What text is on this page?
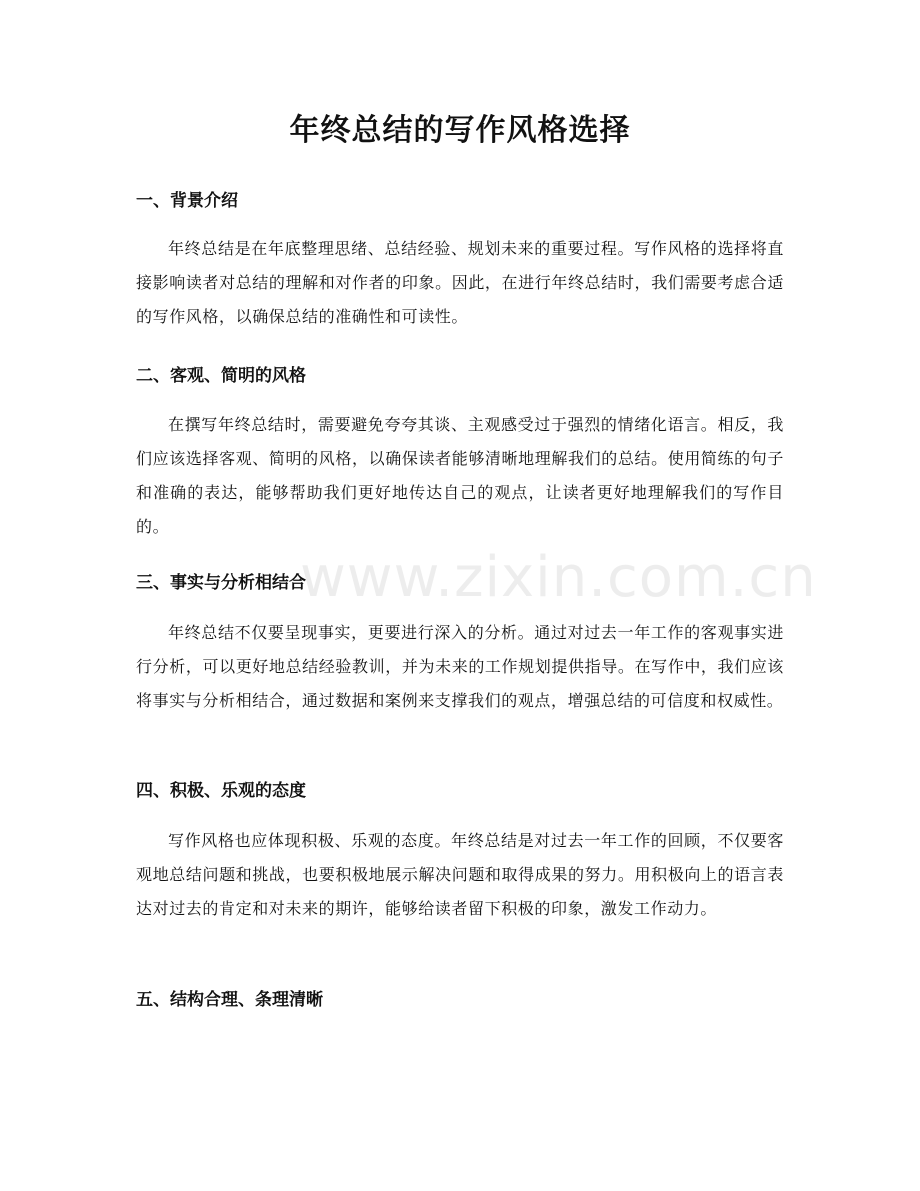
年终总结的写作风格选择
一、背景介绍

年终总结是在年底整理思绪、总结经验、规划未来的重要过程。写作风格的选择将直接影响读者对总结的理解和对作者的印象。因此，在进行年终总结时，我们需要考虑合适的写作风格，以确保总结的准确性和可读性。

二、客观、简明的风格

在撰写年终总结时，需要避免夸夸其谈、主观感受过于强烈的情绪化语言。相反，我们应该选择客观、简明的风格，以确保读者能够清晰地理解我们的总结。使用简练的句子和准确的表达，能够帮助我们更好地传达自己的观点，让读者更好地理解我们的写作目的。

三、事实与分析相结合

年终总结不仅要呈现事实，更要进行深入的分析。通过对过去一年工作的客观事实进行分析，可以更好地总结经验教训，并为未来的工作规划提供指导。在写作中，我们应该将事实与分析相结合，通过数据和案例来支撑我们的观点，增强总结的可信度和权威性。

四、积极、乐观的态度

写作风格也应体现积极、乐观的态度。年终总结是对过去一年工作的回顾，不仅要客观地总结问题和挑战，也要积极地展示解决问题和取得成果的努力。用积极向上的语言表达对过去的肯定和对未来的期许，能够给读者留下积极的印象，激发工作动力。

五、结构合理、条理清晰
www.zixin.com.cn
